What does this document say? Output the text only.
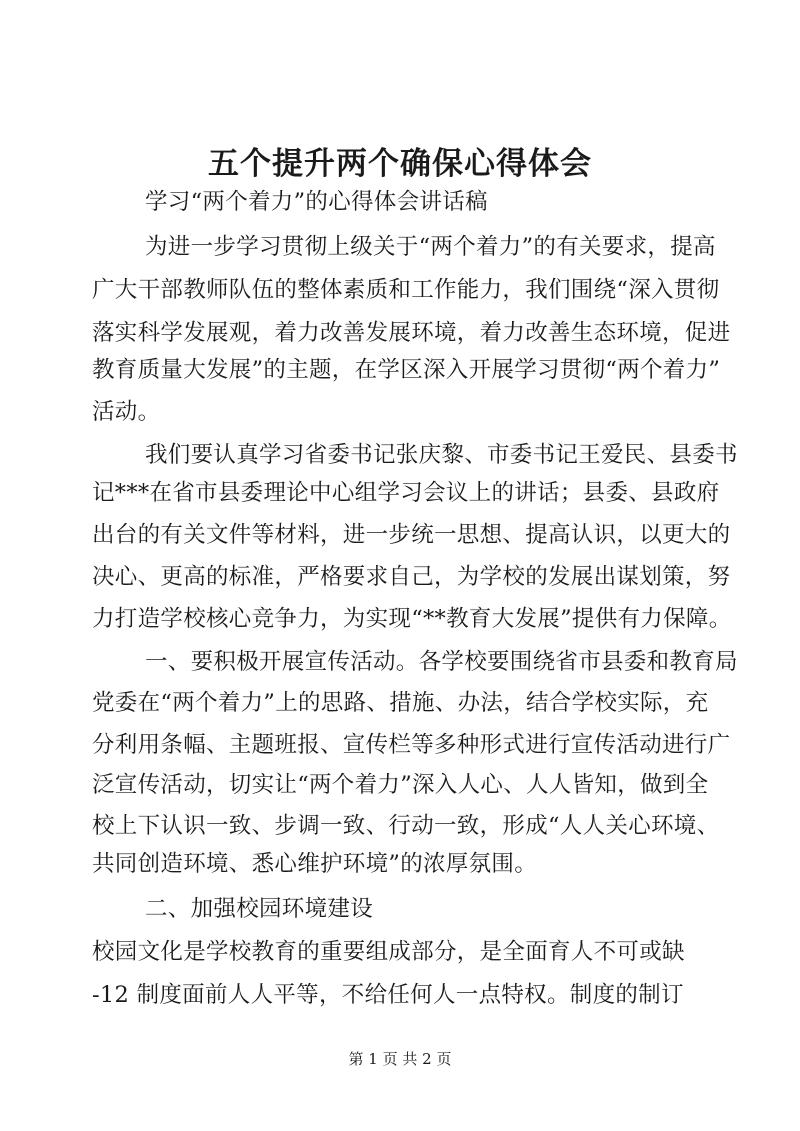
五个提升两个确保心得体会
学习“两个着力”的心得体会讲话稿
为进一步学习贯彻上级关于“两个着力”的有关要求，提高
广大干部教师队伍的整体素质和工作能力，我们围绕“深入贯彻
落实科学发展观，着力改善发展环境，着力改善生态环境，促进
教育质量大发展”的主题，在学区深入开展学习贯彻“两个着力”
活动。
我们要认真学习省委书记张庆黎、市委书记王爱民、县委书
记***在省市县委理论中心组学习会议上的讲话；县委、县政府
出台的有关文件等材料，进一步统一思想、提高认识，以更大的
决心、更高的标准，严格要求自己，为学校的发展出谋划策，努
力打造学校核心竞争力，为实现“**教育大发展”提供有力保障。
一、要积极开展宣传活动。各学校要围绕省市县委和教育局
党委在“两个着力”上的思路、措施、办法，结合学校实际，充
分利用条幅、主题班报、宣传栏等多种形式进行宣传活动进行广
泛宣传活动，切实让“两个着力”深入人心、人人皆知，做到全
校上下认识一致、步调一致、行动一致，形成“人人关心环境、
共同创造环境、悉心维护环境”的浓厚氛围。
二、加强校园环境建设
校园文化是学校教育的重要组成部分，是全面育人不可或缺
-12 制度面前人人平等，不给任何人一点特权。制度的制订
第 1 页 共 2 页
